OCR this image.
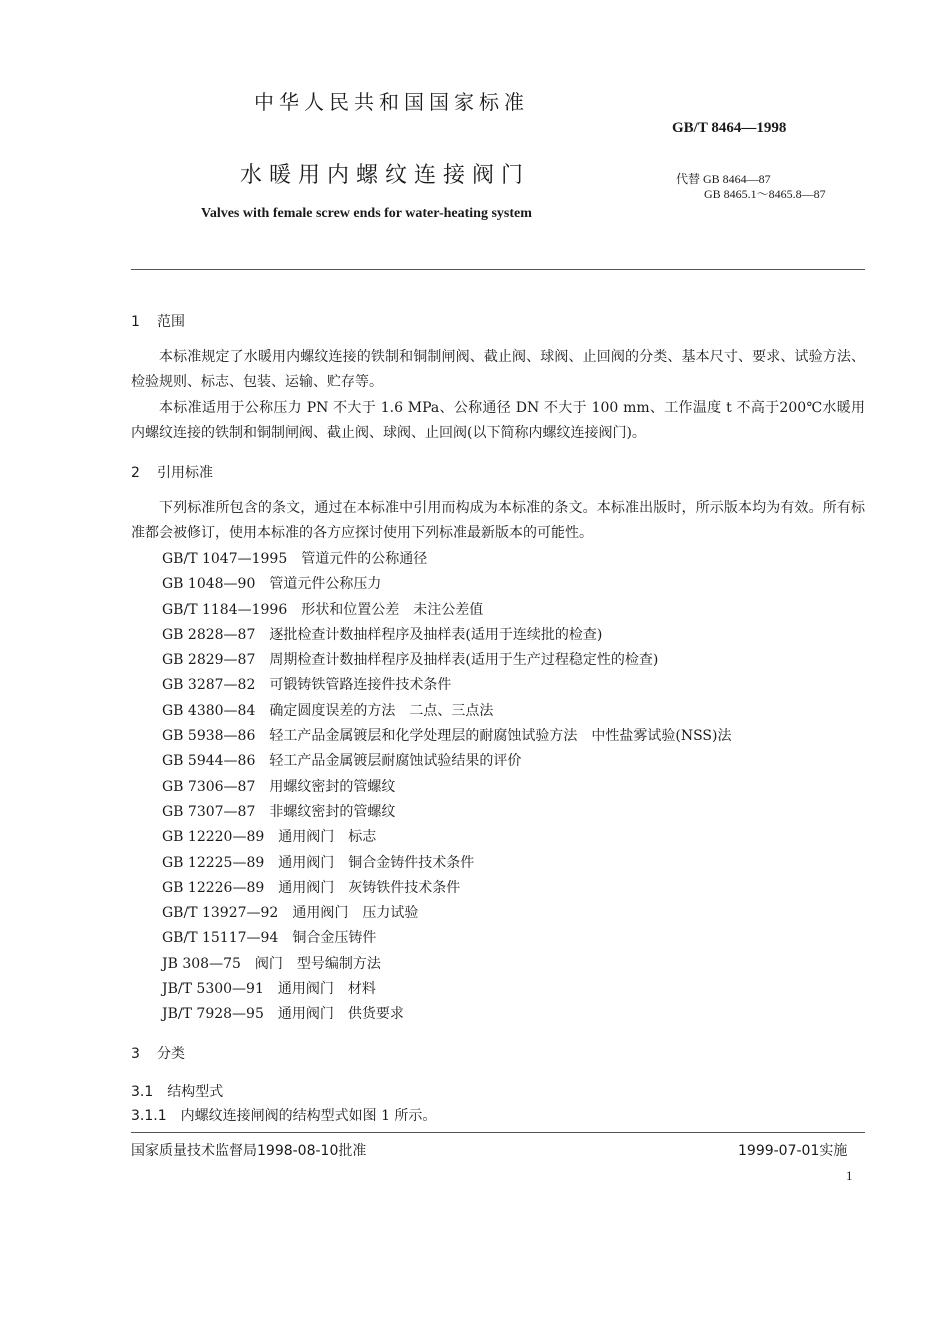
中华人民共和国国家标准
GB/T 8464—1998
水暖用内螺纹连接阀门	代替 GB 8464—87
GB 8465.1～8465.8—87
Valves with female screw ends for water-heating system
1 范围
本标准规定了水暖用内螺纹连接的铁制和铜制闸阀、截止阀、球阀、止回阀的分类、基本尺寸、要求、试验方法、检验规则、标志、包装、运输、贮存等。
本标准适用于公称压力 PN 不大于 1.6 MPa、公称通径 DN 不大于 100 mm、工作温度 t 不高于200℃水暖用内螺纹连接的铁制和铜制闸阀、截止阀、球阀、止回阀(以下简称内螺纹连接阀门)。
2 引用标准
下列标准所包含的条文，通过在本标准中引用而构成为本标准的条文。本标准出版时，所示版本均为有效。所有标准都会被修订，使用本标准的各方应探讨使用下列标准最新版本的可能性。
GB/T 1047—1995 管道元件的公称通径
GB 1048—90 管道元件公称压力
GB/T 1184—1996 形状和位置公差　未注公差值
GB 2828—87 逐批检查计数抽样程序及抽样表(适用于连续批的检查)
GB 2829—87 周期检查计数抽样程序及抽样表(适用于生产过程稳定性的检查)
GB 3287—82 可锻铸铁管路连接件技术条件
GB 4380—84 确定圆度误差的方法　二点、三点法
GB 5938—86 轻工产品金属镀层和化学处理层的耐腐蚀试验方法　中性盐雾试验(NSS)法
GB 5944—86 轻工产品金属镀层耐腐蚀试验结果的评价
GB 7306—87 用螺纹密封的管螺纹
GB 7307—87 非螺纹密封的管螺纹
GB 12220—89 通用阀门　标志
GB 12225—89 通用阀门　铜合金铸件技术条件
GB 12226—89 通用阀门　灰铸铁件技术条件
GB/T 13927—92 通用阀门　压力试验
GB/T 15117—94 铜合金压铸件
JB 308—75 阀门　型号编制方法
JB/T 5300—91 通用阀门　材料
JB/T 7928—95 通用阀门　供货要求
3 分类
3.1 结构型式
3.1.1 内螺纹连接闸阀的结构型式如图 1 所示。
国家质量技术监督局1998-08-10批准	1999-07-01实施
1
